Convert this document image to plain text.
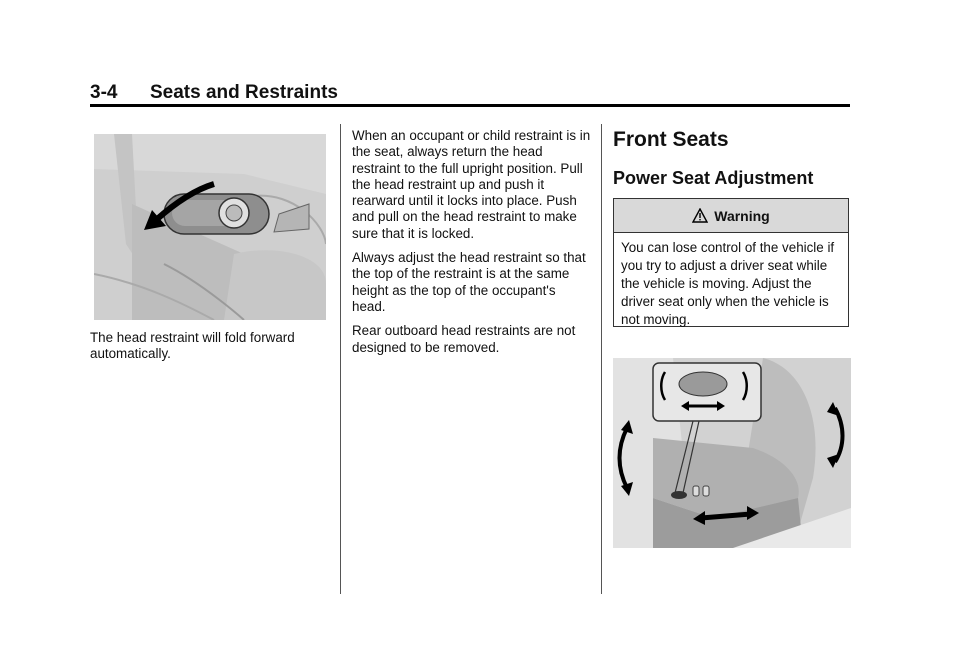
3-4 Seats and Restraints

The head restraint will fold forward automatically.

When an occupant or child restraint is in the seat, always return the head restraint to the full upright position. Pull the head restraint up and push it rearward until it locks into place. Push and pull on the head restraint to make sure that it is locked.

Always adjust the head restraint so that the top of the restraint is at the same height as the top of the occupant's head.

Rear outboard head restraints are not designed to be removed.

Front Seats
Power Seat Adjustment
Warning
You can lose control of the vehicle if you try to adjust a driver seat while the vehicle is moving. Adjust the driver seat only when the vehicle is not moving.
